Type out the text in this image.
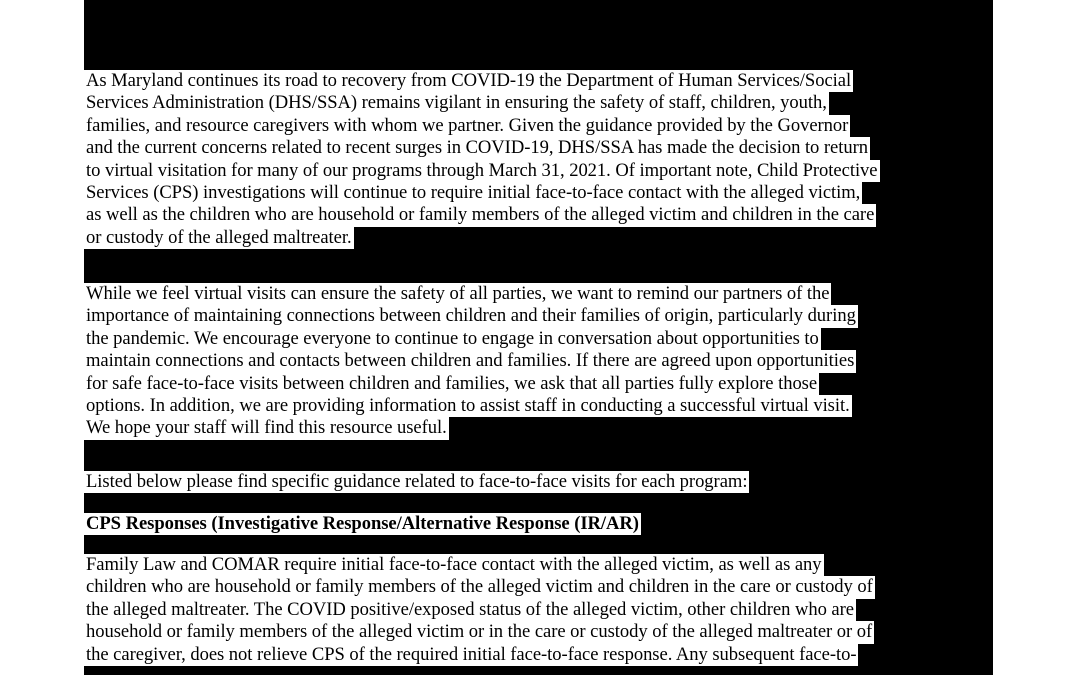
As Maryland continues its road to recovery from COVID-19 the Department of Human Services/Social
Services Administration (DHS/SSA) remains vigilant in ensuring the safety of staff, children, youth,
families, and resource caregivers with whom we partner. Given the guidance provided by the Governor
and the current concerns related to recent surges in COVID-19, DHS/SSA has made the decision to return
to virtual visitation for many of our programs through March 31, 2021. Of important note, Child Protective
Services (CPS) investigations will continue to require initial face-to-face contact with the alleged victim,
as well as the children who are household or family members of the alleged victim and children in the care
or custody of the alleged maltreater.
While we feel virtual visits can ensure the safety of all parties, we want to remind our partners of the
importance of maintaining connections between children and their families of origin, particularly during
the pandemic. We encourage everyone to continue to engage in conversation about opportunities to
maintain connections and contacts between children and families. If there are agreed upon opportunities
for safe face-to-face visits between children and families, we ask that all parties fully explore those
options. In addition, we are providing information to assist staff in conducting a successful virtual visit.
We hope your staff will find this resource useful.
Listed below please find specific guidance related to face-to-face visits for each program:
CPS Responses (Investigative Response/Alternative Response (IR/AR)
Family Law and COMAR require initial face-to-face contact with the alleged victim, as well as any
children who are household or family members of the alleged victim and children in the care or custody of
the alleged maltreater. The COVID positive/exposed status of the alleged victim, other children who are
household or family members of the alleged victim or in the care or custody of the alleged maltreater or of
the caregiver, does not relieve CPS of the required initial face-to-face response. Any subsequent face-to-
